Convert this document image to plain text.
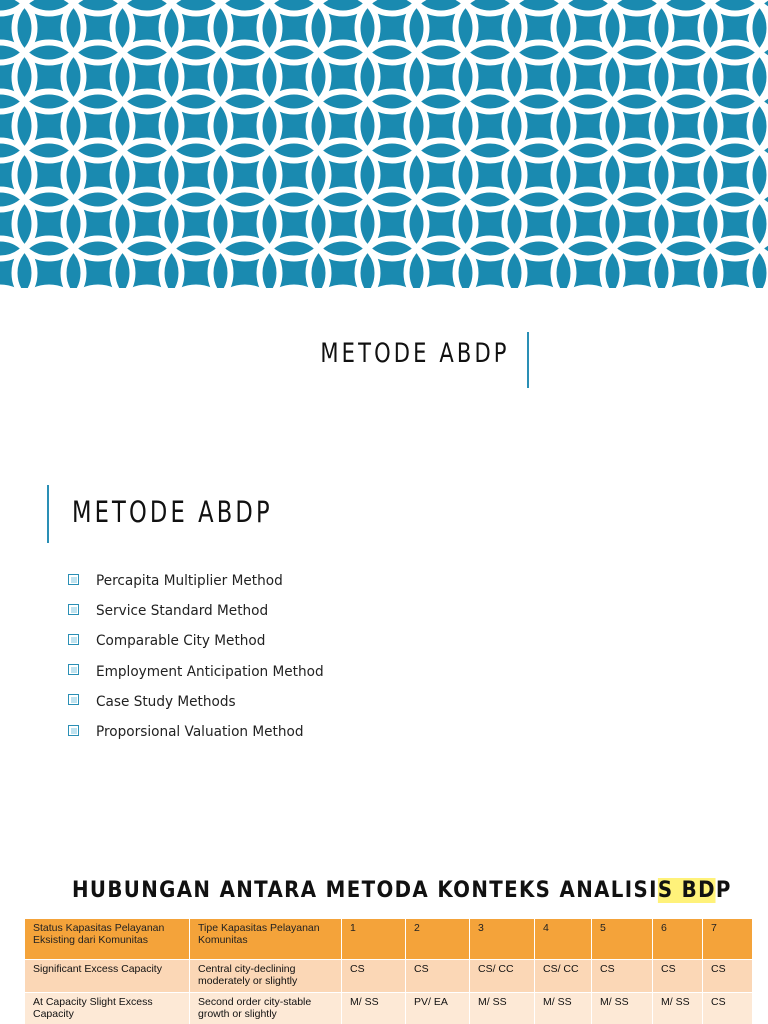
METODE ABDP
METODE ABDP
Percapita Multiplier Method
Service Standard Method
Comparable City Method
Employment Anticipation Method
Case Study Methods
Proporsional Valuation Method
HUBUNGAN ANTARA METODA KONTEKS ANALISIS BDP
Status Kapasitas Pelayanan Eksisting dari Komunitas	Tipe Kapasitas Pelayanan Komunitas	1	2	3	4	5	6	7
Significant Excess Capacity	Central city-declining moderately or slightly	CS	CS	CS/ CC	CS/ CC	CS	CS	CS
At Capacity Slight Excess Capacity	Second order city-stable growth or slightly	M/ SS	PV/ EA	M/ SS	M/ SS	M/ SS	M/ SS	CS
